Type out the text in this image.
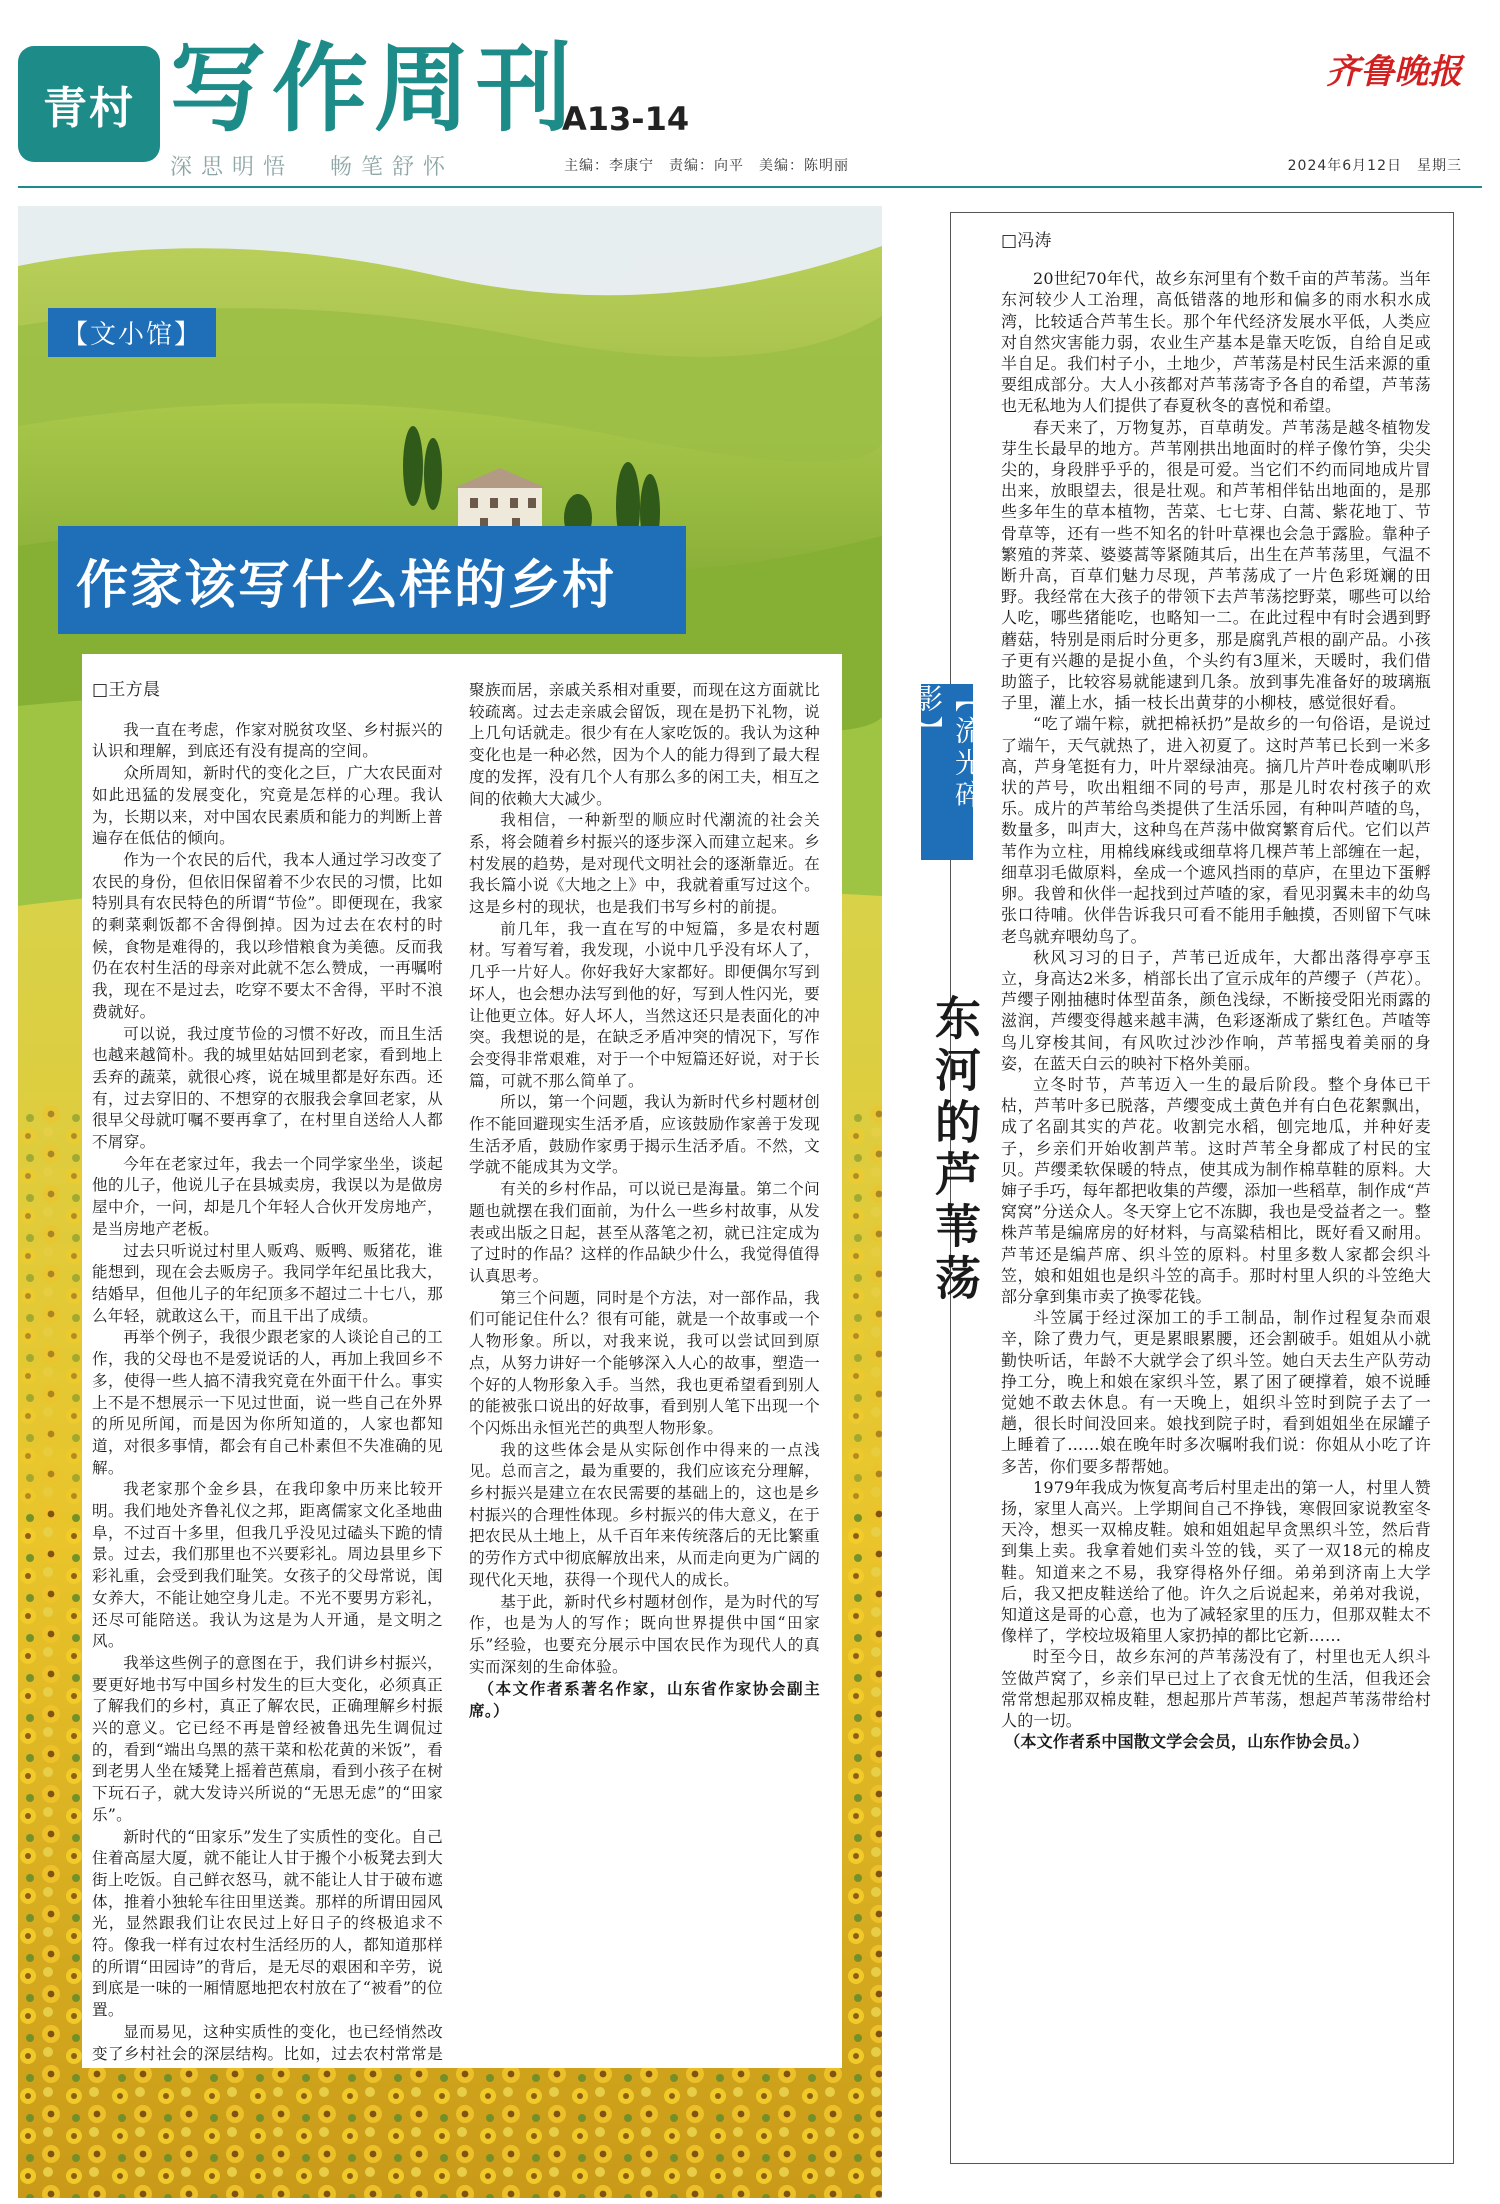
青村 写作周刊
A13-14
深思明悟 畅笔舒怀	主编：李康宁　责编：向平　美编：陈明丽
齐鲁晚报
2024年6月12日　星期三
【文小馆】
作家该写什么样的乡村

□王方晨

我一直在考虑，作家对脱贫攻坚、乡村振兴的认识和理解，到底还有没有提高的空间。

众所周知，新时代的变化之巨，广大农民面对如此迅猛的发展变化，究竟是怎样的心理。我认为，长期以来，对中国农民素质和能力的判断上普遍存在低估的倾向。

作为一个农民的后代，我本人通过学习改变了农民的身份，但依旧保留着不少农民的习惯，比如特别具有农民特色的所谓“节俭”。即便现在，我家的剩菜剩饭都不舍得倒掉。因为过去在农村的时候，食物是难得的，我以珍惜粮食为美德。反而我仍在农村生活的母亲对此就不怎么赞成，一再嘱咐我，现在不是过去，吃穿不要太不舍得，平时不浪费就好。

可以说，我过度节俭的习惯不好改，而且生活也越来越简朴。我的城里姑姑回到老家，看到地上丢弃的蔬菜，就很心疼，说在城里都是好东西。还有，过去穿旧的、不想穿的衣服我会拿回老家，从很早父母就叮嘱不要再拿了，在村里自送给人人都不屑穿。

今年在老家过年，我去一个同学家坐坐，谈起他的儿子，他说儿子在县城卖房，我误以为是做房屋中介，一问，却是几个年轻人合伙开发房地产，是当房地产老板。

过去只听说过村里人贩鸡、贩鸭、贩猪花，谁能想到，现在会去贩房子。我同学年纪虽比我大，结婚早，但他儿子的年纪顶多不超过二十七八，那么年轻，就敢这么干，而且干出了成绩。

再举个例子，我很少跟老家的人谈论自己的工作，我的父母也不是爱说话的人，再加上我回乡不多，使得一些人搞不清我究竟在外面干什么。事实上不是不想展示一下见过世面，说一些自己在外界的所见所闻，而是因为你所知道的，人家也都知道，对很多事情，都会有自己朴素但不失准确的见解。

我老家那个金乡县，在我印象中历来比较开明。我们地处齐鲁礼仪之邦，距离儒家文化圣地曲阜，不过百十多里，但我几乎没见过磕头下跪的情景。过去，我们那里也不兴要彩礼。周边县里乡下彩礼重，会受到我们耻笑。女孩子的父母常说，闺女养大，不能让她空身儿走。不光不要男方彩礼，还尽可能陪送。我认为这是为人开通，是文明之风。

我举这些例子的意图在于，我们讲乡村振兴，要更好地书写中国乡村发生的巨大变化，必须真正了解我们的乡村，真正了解农民，正确理解乡村振兴的意义。它已经不再是曾经被鲁迅先生调侃过的，看到“端出乌黑的蒸干菜和松花黄的米饭”，看到老男人坐在矮凳上摇着芭蕉扇，看到小孩子在树下玩石子，就大发诗兴所说的“无思无虑”的“田家乐”。

新时代的“田家乐”发生了实质性的变化。自己住着高屋大厦，就不能让人甘于搬个小板凳去到大街上吃饭。自己鲜衣怒马，就不能让人甘于破布遮体，推着小独轮车往田里送粪。那样的所谓田园风光，显然跟我们让农民过上好日子的终极追求不符。像我一样有过农村生活经历的人，都知道那样的所谓“田园诗”的背后，是无尽的艰困和辛劳，说到底是一味的一厢情愿地把农村放在了“被看”的位置。

显而易见，这种实质性的变化，也已经悄然改变了乡村社会的深层结构。比如，过去农村常常是聚族而居，亲戚关系相对重要，而现在这方面就比较疏离。过去走亲戚会留饭，现在是扔下礼物，说上几句话就走。很少有在人家吃饭的。我认为这种变化也是一种必然，因为个人的能力得到了最大程度的发挥，没有几个人有那么多的闲工夫，相互之间的依赖大大减少。

我相信，一种新型的顺应时代潮流的社会关系，将会随着乡村振兴的逐步深入而建立起来。乡村发展的趋势，是对现代文明社会的逐渐靠近。在我长篇小说《大地之上》中，我就着重写过这个。这是乡村的现状，也是我们书写乡村的前提。

前几年，我一直在写的中短篇，多是农村题材。写着写着，我发现，小说中几乎没有坏人了，几乎一片好人。你好我好大家都好。即便偶尔写到坏人，也会想办法写到他的好，写到人性闪光，要让他更立体。好人坏人，当然这还只是表面化的冲突。我想说的是，在缺乏矛盾冲突的情况下，写作会变得非常艰难，对于一个中短篇还好说，对于长篇，可就不那么简单了。

所以，第一个问题，我认为新时代乡村题材创作不能回避现实生活矛盾，应该鼓励作家善于发现生活矛盾，鼓励作家勇于揭示生活矛盾。不然，文学就不能成其为文学。

有关的乡村作品，可以说已是海量。第二个问题也就摆在我们面前，为什么一些乡村故事，从发表或出版之日起，甚至从落笔之初，就已注定成为了过时的作品？这样的作品缺少什么，我觉得值得认真思考。

第三个问题，同时是个方法，对一部作品，我们可能记住什么？很有可能，就是一个故事或一个人物形象。所以，对我来说，我可以尝试回到原点，从努力讲好一个能够深入人心的故事，塑造一个好的人物形象入手。当然，我也更希望看到别人的能被张口说出的好故事，看到别人笔下出现一个个闪烁出永恒光芒的典型人物形象。

我的这些体会是从实际创作中得来的一点浅见。总而言之，最为重要的，我们应该充分理解，乡村振兴是建立在农民需要的基础上的，这也是乡村振兴的合理性体现。乡村振兴的伟大意义，在于把农民从土地上，从千百年来传统落后的无比繁重的劳作方式中彻底解放出来，从而走向更为广阔的现代化天地，获得一个现代人的成长。

基于此，新时代乡村题材创作，是为时代的写作，也是为人的写作；既向世界提供中国“田家乐”经验，也要充分展示中国农民作为现代人的真实而深刻的生命体验。

（本文作者系著名作家，山东省作家协会副主席。）

□冯涛

20世纪70年代，故乡东河里有个数千亩的芦苇荡。当年东河较少人工治理，高低错落的地形和偏多的雨水积水成湾，比较适合芦苇生长。那个年代经济发展水平低，人类应对自然灾害能力弱，农业生产基本是靠天吃饭，自给自足或半自足。我们村子小，土地少，芦苇荡是村民生活来源的重要组成部分。大人小孩都对芦苇荡寄予各自的希望，芦苇荡也无私地为人们提供了春夏秋冬的喜悦和希望。

春天来了，万物复苏，百草萌发。芦苇荡是越冬植物发芽生长最早的地方。芦苇刚拱出地面时的样子像竹笋，尖尖尖的，身段胖乎乎的，很是可爱。当它们不约而同地成片冒出来，放眼望去，很是壮观。和芦苇相伴钻出地面的，是那些多年生的草本植物，苦菜、七七芽、白蒿、紫花地丁、节骨草等，还有一些不知名的针叶草裸也会急于露脸。靠种子繁殖的荠菜、婆婆蒿等紧随其后，出生在芦苇荡里，气温不断升高，百草们魅力尽现，芦苇荡成了一片色彩斑斓的田野。我经常在大孩子的带领下去芦苇荡挖野菜，哪些可以给人吃，哪些猪能吃，也略知一二。在此过程中有时会遇到野蘑菇，特别是雨后时分更多，那是腐乳芦根的副产品。小孩子更有兴趣的是捉小鱼，个头约有3厘米，天暖时，我们借助篮子，比较容易就能逮到几条。放到事先准备好的玻璃瓶子里，灌上水，插一枝长出黄芽的小柳枝，感觉很好看。

“吃了端午粽，就把棉袄扔”是故乡的一句俗语，是说过了端午，天气就热了，进入初夏了。这时芦苇已长到一米多高，芦身笔挺有力，叶片翠绿油亮。摘几片芦叶卷成喇叭形状的芦号，吹出粗细不同的号声，那是儿时农村孩子的欢乐。成片的芦苇给鸟类提供了生活乐园，有种叫芦喳的鸟，数量多，叫声大，这种鸟在芦荡中做窝繁育后代。它们以芦苇作为立柱，用棉线麻线或细草将几棵芦苇上部缠在一起，细草羽毛做原料，垒成一个遮风挡雨的草庐，在里边下蛋孵卵。我曾和伙伴一起找到过芦喳的家，看见羽翼未丰的幼鸟张口待哺。伙伴告诉我只可看不能用手触摸，否则留下气味老鸟就弃喂幼鸟了。

秋风习习的日子，芦苇已近成年，大都出落得亭亭玉立，身高达2米多，梢部长出了宣示成年的芦缨子（芦花）。芦缨子刚抽穗时体型苗条，颜色浅绿，不断接受阳光雨露的滋润，芦缨变得越来越丰满，色彩逐渐成了紫红色。芦喳等鸟儿穿梭其间，有风吹过沙沙作响，芦苇摇曳着美丽的身姿，在蓝天白云的映衬下格外美丽。

立冬时节，芦苇迈入一生的最后阶段。整个身体已干枯，芦苇叶多已脱落，芦缨变成土黄色并有白色花絮飘出，成了名副其实的芦花。收割完水稻，刨完地瓜，并种好麦子，乡亲们开始收割芦苇。这时芦苇全身都成了村民的宝贝。芦缨柔软保暖的特点，使其成为制作棉草鞋的原料。大婶子手巧，每年都把收集的芦缨，添加一些稻草，制作成“芦窝窝”分送众人。冬天穿上它不冻脚，我也是受益者之一。整株芦苇是编席房的好材料，与高粱秸相比，既好看又耐用。芦苇还是编芦席、织斗笠的原料。村里多数人家都会织斗笠，娘和姐姐也是织斗笠的高手。那时村里人织的斗笠绝大部分拿到集市卖了换零花钱。

斗笠属于经过深加工的手工制品，制作过程复杂而艰辛，除了费力气，更是累眼累腰，还会割破手。姐姐从小就勤快听话，年龄不大就学会了织斗笠。她白天去生产队劳动挣工分，晚上和娘在家织斗笠，累了困了硬撑着，娘不说睡觉她不敢去休息。有一天晚上，姐织斗笠时到院子去了一趟，很长时间没回来。娘找到院子时，看到姐姐坐在尿罐子上睡着了……娘在晚年时多次嘱咐我们说：你姐从小吃了许多苦，你们要多帮帮她。

1979年我成为恢复高考后村里走出的第一人，村里人赞扬，家里人高兴。上学期间自己不挣钱，寒假回家说教室冬天冷，想买一双棉皮鞋。娘和姐姐起早贪黑织斗笠，然后背到集上卖。我拿着她们卖斗笠的钱，买了一双18元的棉皮鞋。知道来之不易，我穿得格外仔细。弟弟到济南上大学后，我又把皮鞋送给了他。许久之后说起来，弟弟对我说，知道这是哥的心意，也为了减轻家里的压力，但那双鞋太不像样了，学校垃圾箱里人家扔掉的都比它新……

时至今日，故乡东河的芦苇荡没有了，村里也无人织斗笠做芦窝了，乡亲们早已过上了衣食无忧的生活，但我还会常常想起那双棉皮鞋，想起那片芦苇荡，想起芦苇荡带给村人的一切。

（本文作者系中国散文学会会员，山东作协会员。）

【流光碎影】
东河的芦苇荡
